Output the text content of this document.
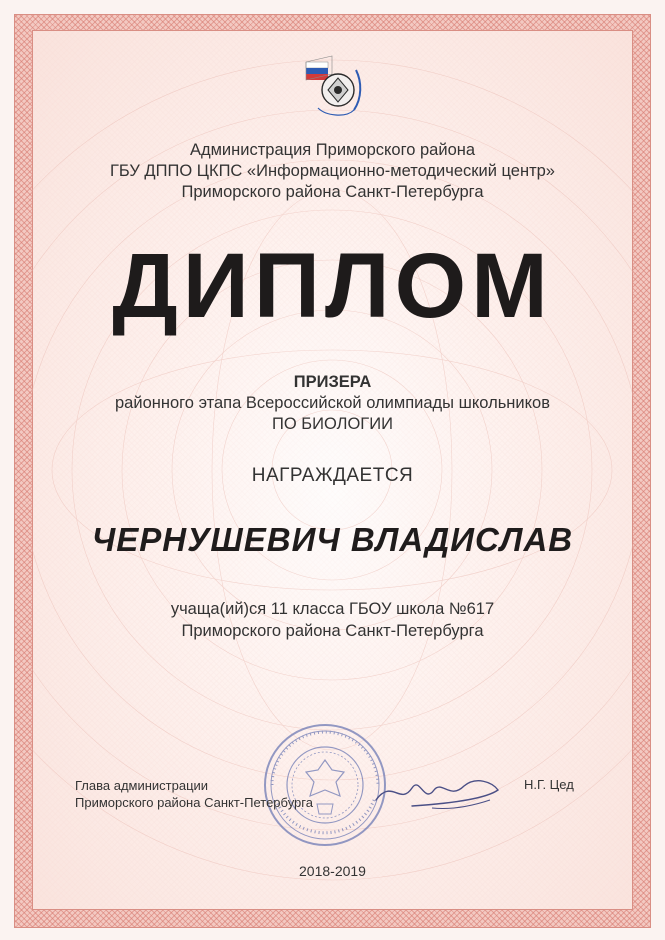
Администрация Приморского района
ГБУ ДППО ЦКПС «Информационно-методический центр»
Приморского района Санкт-Петербурга
ДИПЛОМ
ПРИЗЕРА
районного этапа Всероссийской олимпиады школьников
ПО БИОЛОГИИ
НАГРАЖДАЕТСЯ
ЧЕРНУШЕВИЧ ВЛАДИСЛАВ
учаща(ий)ся 11 класса ГБОУ школа №617
Приморского района Санкт-Петербурга
Глава администрации
Приморского района Санкт-Петербурга
Н.Г. Цед
2018-2019
